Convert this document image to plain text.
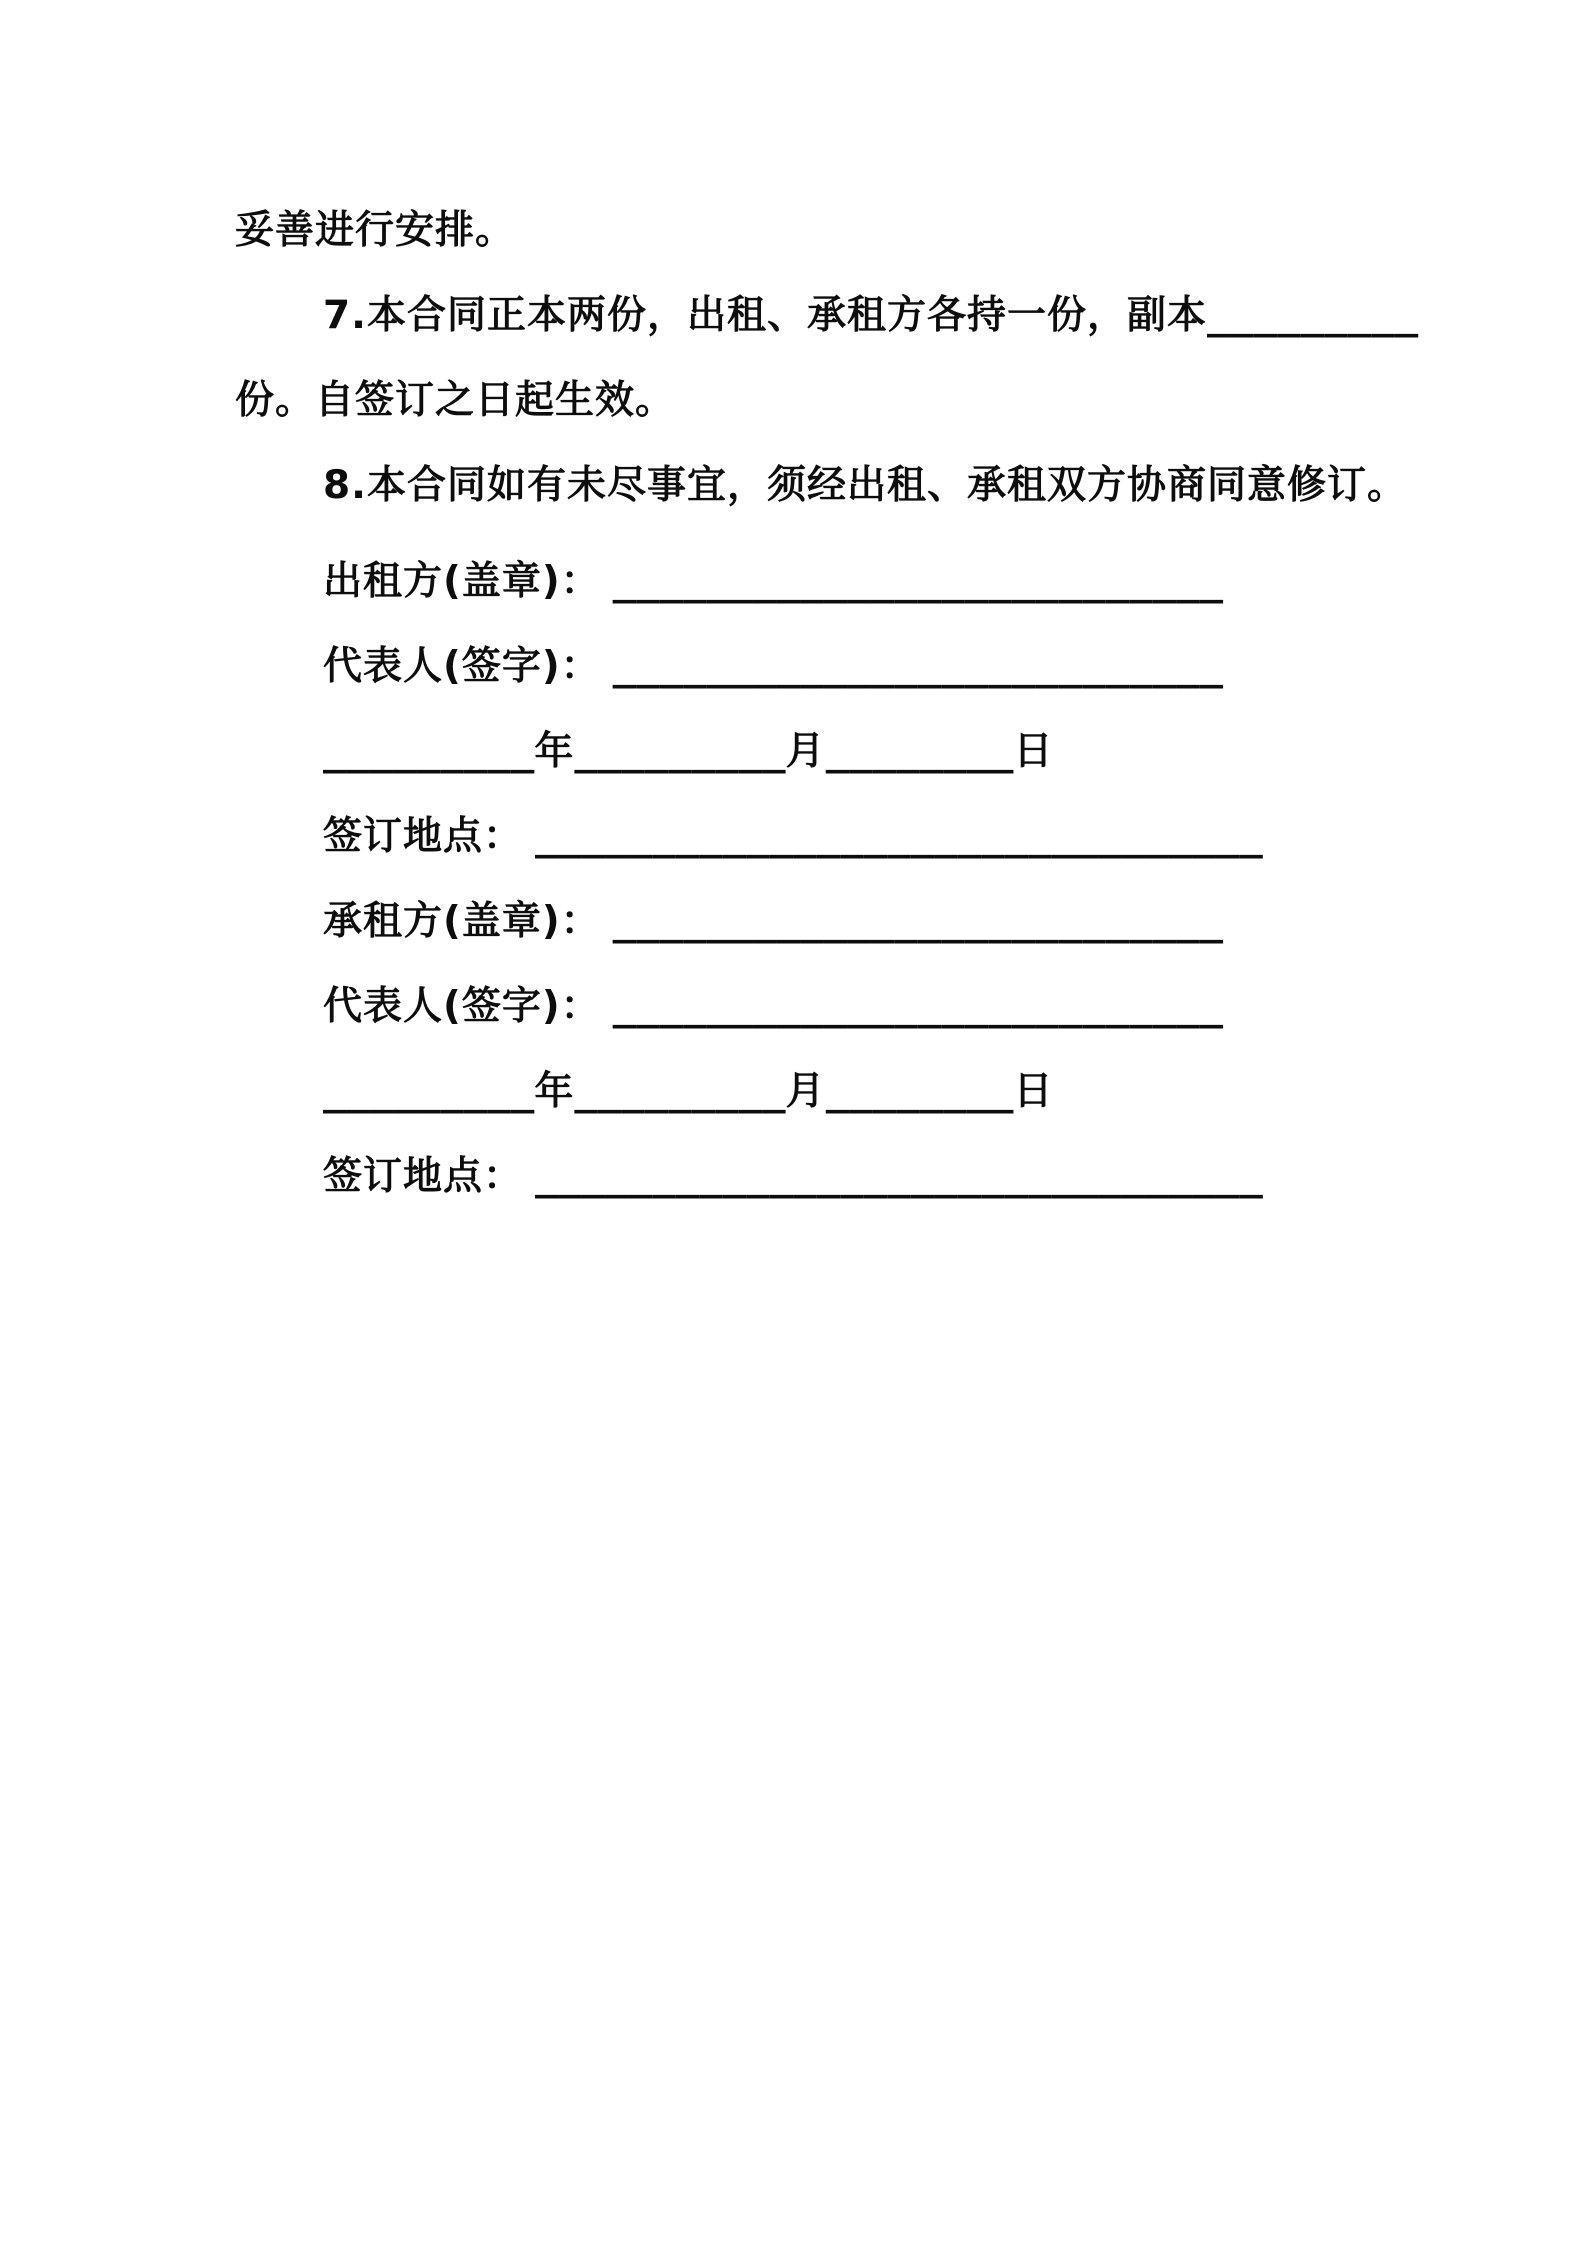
妥善进行安排。

7.本合同正本两份，出租、承租方各持一份，副本_________

份。自签订之日起生效。

8.本合同如有未尽事宜，须经出租、承租双方协商同意修订。

出租方(盖章)： __________________________

代表人(签字)： __________________________

_________年_________月________日

签订地点： _______________________________

承租方(盖章)： __________________________

代表人(签字)： __________________________

_________年_________月________日

签订地点： _______________________________
